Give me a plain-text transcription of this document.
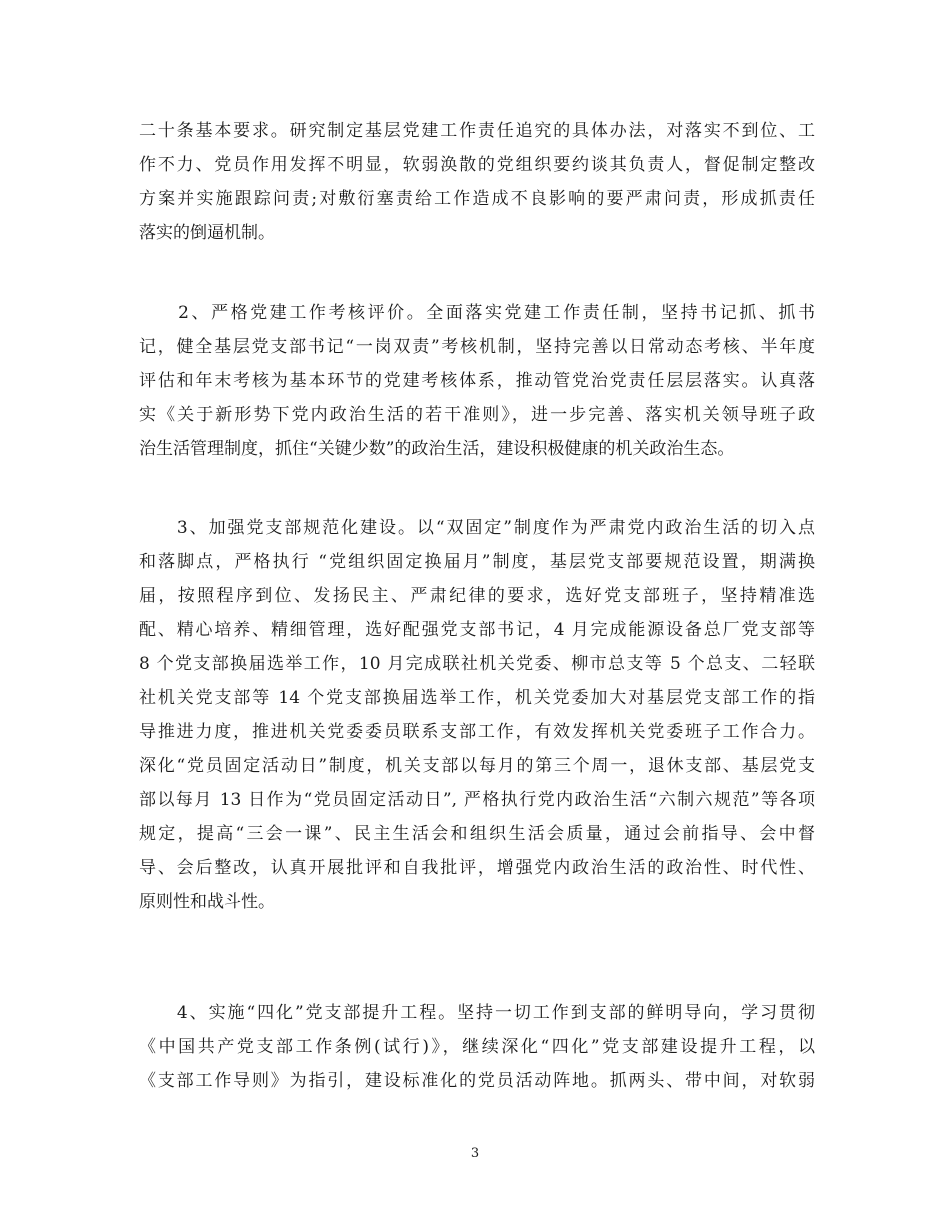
二十条基本要求。研究制定基层党建工作责任追究的具体办法，对落实不到位、工
作不力、党员作用发挥不明显，软弱涣散的党组织要约谈其负责人，督促制定整改
方案并实施跟踪问责;对敷衍塞责给工作造成不良影响的要严肃问责，形成抓责任
落实的倒逼机制。
　　2、严格党建工作考核评价。全面落实党建工作责任制，坚持书记抓、抓书
记，健全基层党支部书记“一岗双责”考核机制，坚持完善以日常动态考核、半年度
评估和年末考核为基本环节的党建考核体系，推动管党治党责任层层落实。认真落
实《关于新形势下党内政治生活的若干准则》，进一步完善、落实机关领导班子政
治生活管理制度，抓住“关键少数”的政治生活，建设积极健康的机关政治生态。
　　3、加强党支部规范化建设。以“双固定”制度作为严肃党内政治生活的切入点
和落脚点，严格执行 “党组织固定换届月”制度，基层党支部要规范设置，期满换
届，按照程序到位、发扬民主、严肃纪律的要求，选好党支部班子，坚持精准选
配、精心培养、精细管理，选好配强党支部书记，4 月完成能源设备总厂党支部等
8 个党支部换届选举工作，10 月完成联社机关党委、柳市总支等 5 个总支、二轻联
社机关党支部等 14 个党支部换届选举工作，机关党委加大对基层党支部工作的指
导推进力度，推进机关党委委员联系支部工作，有效发挥机关党委班子工作合力。
深化“党员固定活动日”制度，机关支部以每月的第三个周一，退休支部、基层党支
部以每月 13 日作为“党员固定活动日”, 严格执行党内政治生活“六制六规范”等各项
规定，提高“三会一课”、民主生活会和组织生活会质量，通过会前指导、会中督
导、会后整改，认真开展批评和自我批评，增强党内政治生活的政治性、时代性、
原则性和战斗性。
　　4、实施“四化”党支部提升工程。坚持一切工作到支部的鲜明导向，学习贯彻
《中国共产党支部工作条例(试行)》，继续深化“四化”党支部建设提升工程，以
《支部工作导则》为指引，建设标准化的党员活动阵地。抓两头、带中间，对软弱
3
